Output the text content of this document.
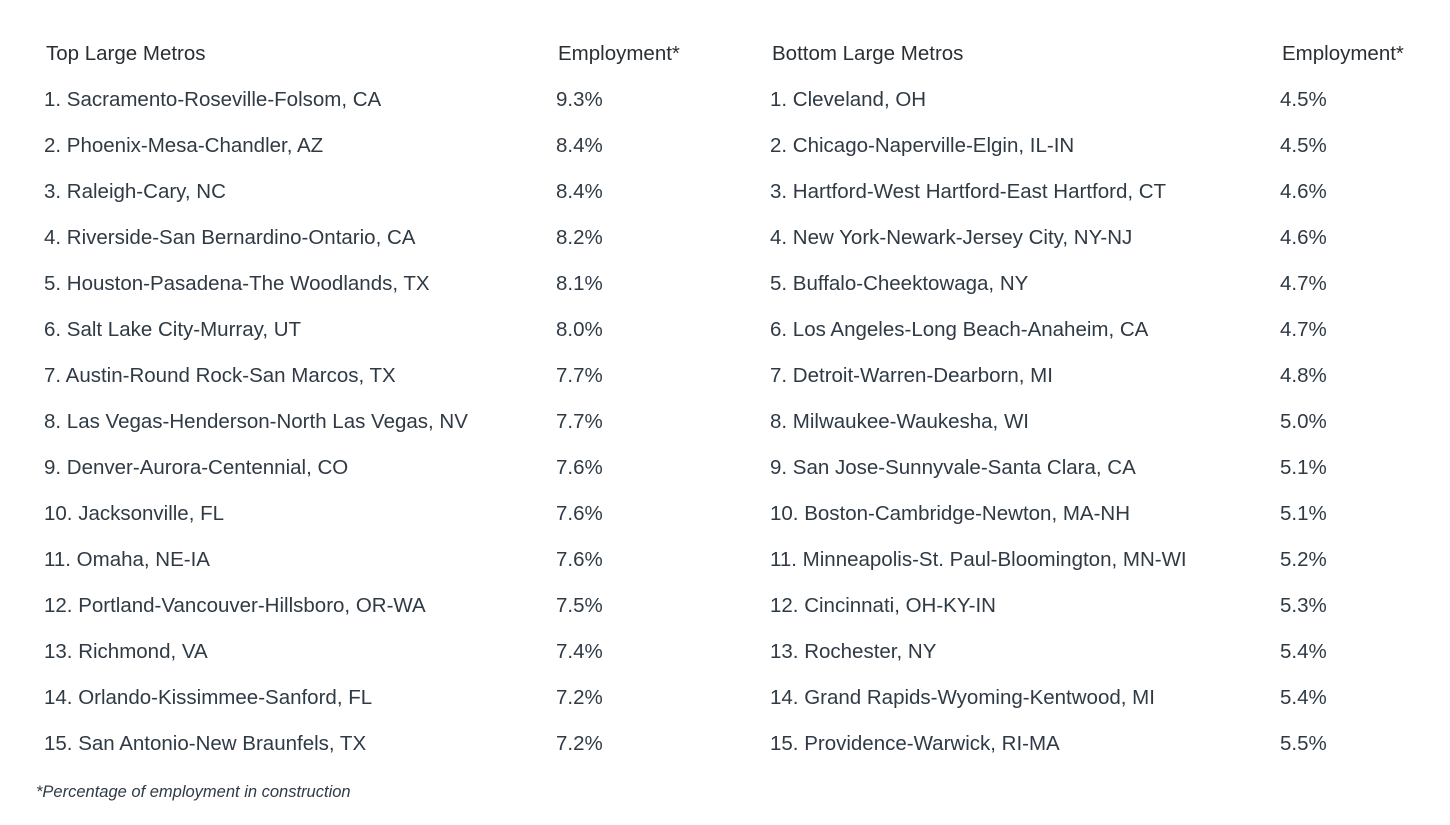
Top Large Metros	Employment*
1. Sacramento-Roseville-Folsom, CA	9.3%
2. Phoenix-Mesa-Chandler, AZ	8.4%
3. Raleigh-Cary, NC	8.4%
4. Riverside-San Bernardino-Ontario, CA	8.2%
5. Houston-Pasadena-The Woodlands, TX	8.1%
6. Salt Lake City-Murray, UT	8.0%
7. Austin-Round Rock-San Marcos, TX	7.7%
8. Las Vegas-Henderson-North Las Vegas, NV	7.7%
9. Denver-Aurora-Centennial, CO	7.6%
10. Jacksonville, FL	7.6%
11. Omaha, NE-IA	7.6%
12. Portland-Vancouver-Hillsboro, OR-WA	7.5%
13. Richmond, VA	7.4%
14. Orlando-Kissimmee-Sanford, FL	7.2%
15. San Antonio-New Braunfels, TX	7.2%
Bottom Large Metros	Employment*
1. Cleveland, OH	4.5%
2. Chicago-Naperville-Elgin, IL-IN	4.5%
3. Hartford-West Hartford-East Hartford, CT	4.6%
4. New York-Newark-Jersey City, NY-NJ	4.6%
5. Buffalo-Cheektowaga, NY	4.7%
6. Los Angeles-Long Beach-Anaheim, CA	4.7%
7. Detroit-Warren-Dearborn, MI	4.8%
8. Milwaukee-Waukesha, WI	5.0%
9. San Jose-Sunnyvale-Santa Clara, CA	5.1%
10. Boston-Cambridge-Newton, MA-NH	5.1%
11. Minneapolis-St. Paul-Bloomington, MN-WI	5.2%
12. Cincinnati, OH-KY-IN	5.3%
13. Rochester, NY	5.4%
14. Grand Rapids-Wyoming-Kentwood, MI	5.4%
15. Providence-Warwick, RI-MA	5.5%
*Percentage of employment in construction
